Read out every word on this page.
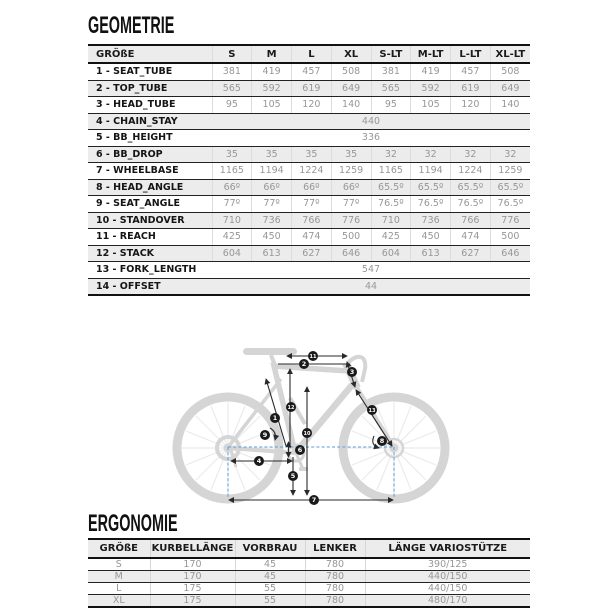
GEOMETRIE
GRÖßE	S	M	L	XL	S-LT	M-LT	L-LT	XL-LT
1 - SEAT_TUBE	381	419	457	508	381	419	457	508
2 - TOP_TUBE	565	592	619	649	565	592	619	649
3 - HEAD_TUBE	95	105	120	140	95	105	120	140
4 - CHAIN_STAY	440							
5 - BB_HEIGHT	336							
6 - BB_DROP	35	35	35	35	32	32	32	32
7 - WHEELBASE	1165	1194	1224	1259	1165	1194	1224	1259
8 - HEAD_ANGLE	66º	66º	66º	66º	65.5º	65.5º	65.5º	65.5º
9 - SEAT_ANGLE	77º	77º	77º	77º	76.5º	76.5º	76.5º	76.5º
10 - STANDOVER	710	736	766	776	710	736	766	776
11 - REACH	425	450	474	500	425	450	474	500
12 - STACK	604	613	627	646	604	613	627	646
13 - FORK_LENGTH	547							
14 - OFFSET	44							
1
2
3
4
5
6
7
8
9	10
11
12	13
ERGONOMIE
GRÖßE	KURBELLÄNGE	VORBRAU	LENKER	LÄNGE VARIOSTÜTZE
S	170	45	780	390/125
M	170	45	780	440/150
L	175	55	780	440/150
XL	175	55	780	480/170
